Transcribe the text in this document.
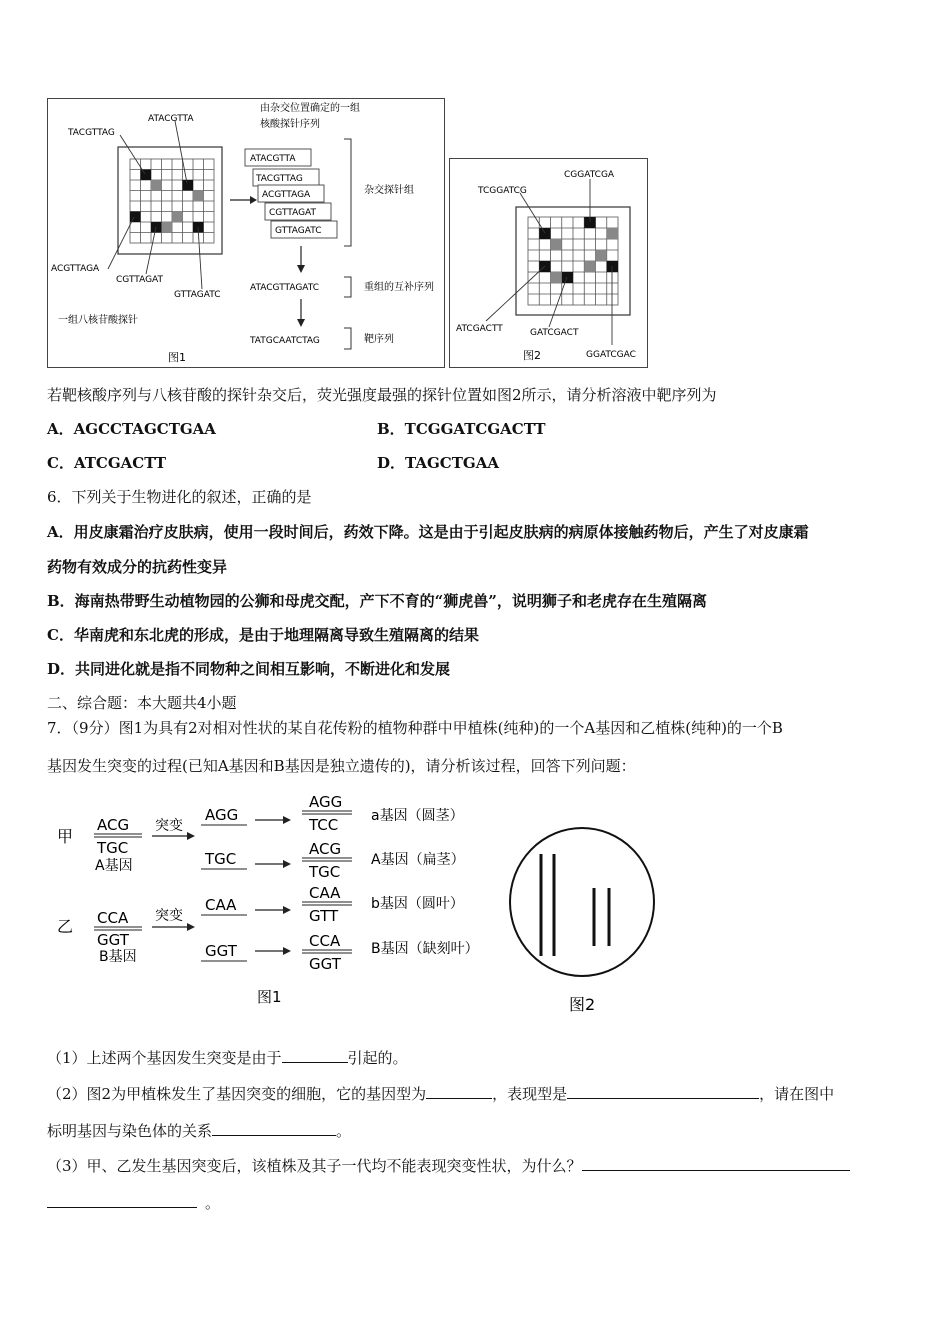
TACGTTAG
ATACGTTA
ACGTTAGA
CGTTAGAT
GTTAGATC
一组八核苷酸探针
图1
由杂交位置确定的一组
核酸探针序列
ATACGTTA
TACGTTAG
ACGTTAGA
CGTTAGAT
GTTAGATC
杂交探针组
ATACGTTAGATC	重组的互补序列
TATGCAATCTAG	靶序列
TCGGATCG
CGGATCGA
ATCGACTT	GATCGACT
GGATCGAC
图2
若靶核酸序列与八核苷酸的探针杂交后，荧光强度最强的探针位置如图2所示，请分析溶液中靶序列为
A．AGCCTAGCTGAA	B．TCGGATCGACTT
C．ATCGACTT	D．TAGCTGAA
6．下列关于生物进化的叙述，正确的是
A．用皮康霜治疗皮肤病，使用一段时间后，药效下降。这是由于引起皮肤病的病原体接触药物后，产生了对皮康霜
药物有效成分的抗药性变异
B．海南热带野生动植物园的公狮和母虎交配，产下不育的“狮虎兽”，说明狮子和老虎存在生殖隔离
C．华南虎和东北虎的形成，是由于地理隔离导致生殖隔离的结果
D．共同进化就是指不同物种之间相互影响，不断进化和发展
二、综合题：本大题共4小题
7．（9分）图1为具有2对相对性状的某自花传粉的植物种群中甲植株(纯种)的一个A基因和乙植株(纯种)的一个B
基因发生突变的过程(已知A基因和B基因是独立遗传的)，请分析该过程，回答下列问题：
甲
ACG
TGC
A基因
突变
AGG
AGG
TCC a基因（圆茎）
TGC
ACG
TGC
A基因（扁茎）
乙 CCA
GGT
B基因
突变
CAA
CAA
GTT
b基因（圆叶）
GGT
CCA
GGT
B基因（缺刻叶）
图1	图2
（1）上述两个基因发生突变是由于	引起的。
（2）图2为甲植株发生了基因突变的细胞，它的基因型为	，表现型是	，请在图中
标明基因与染色体的关系	。
（3）甲、乙发生基因突变后，该植株及其子一代均不能表现突变性状，为什么？
。
